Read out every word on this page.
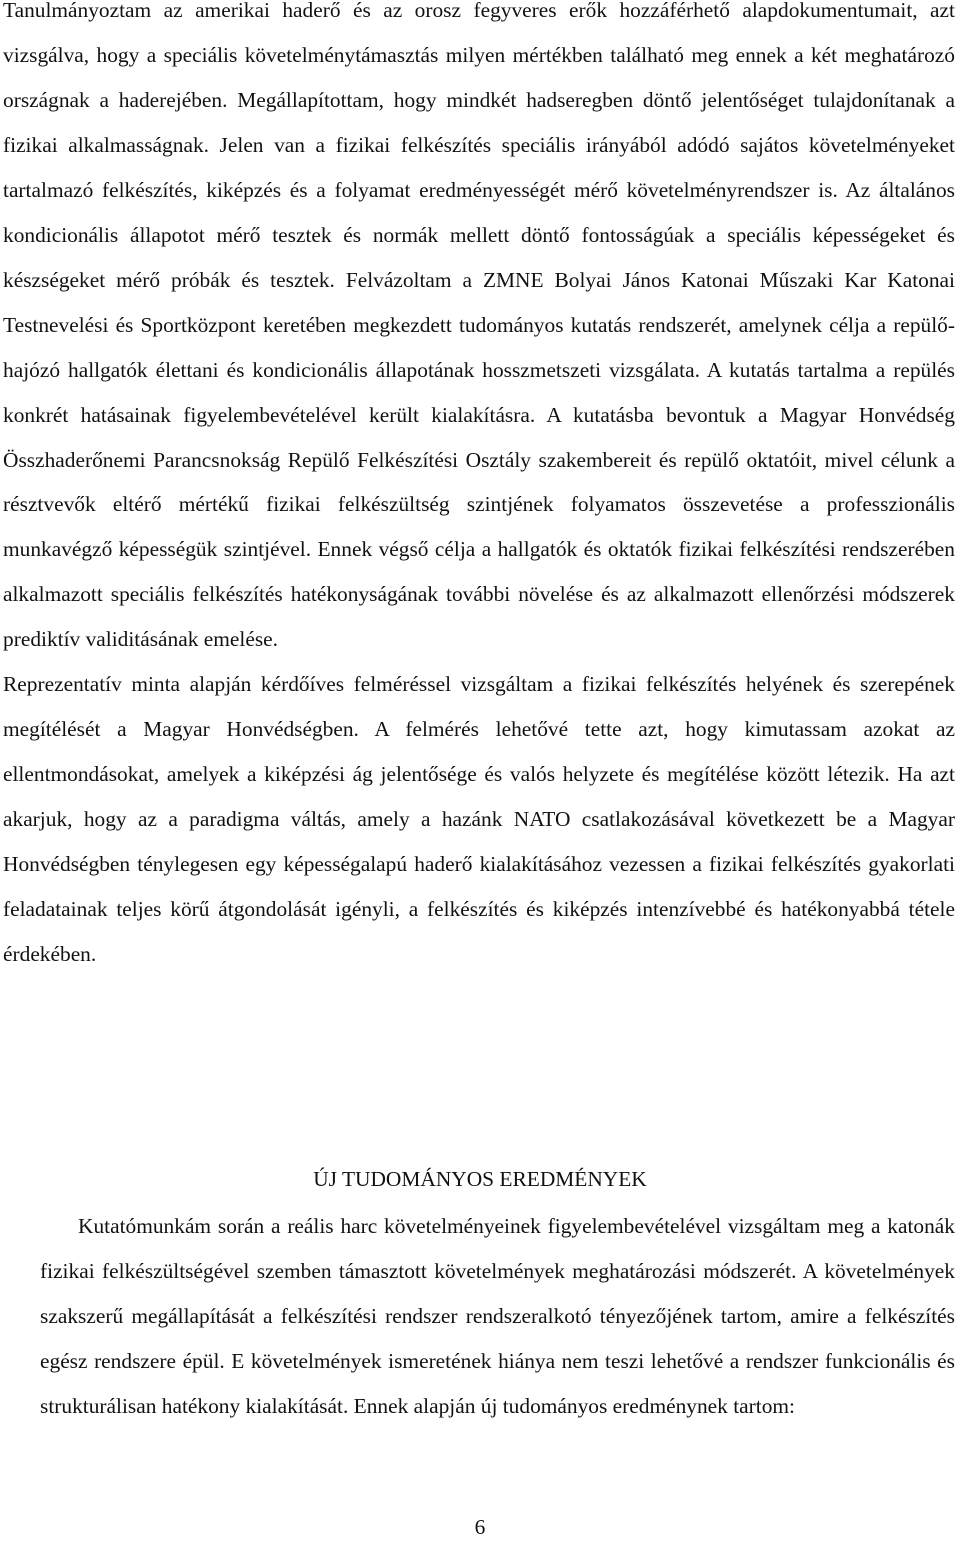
Tanulmányoztam az amerikai haderő és az orosz fegyveres erők hozzáférhető alapdokumentumait, azt vizsgálva, hogy a speciális követelménytámasztás milyen mértékben található meg ennek a két meghatározó országnak a haderejében. Megállapítottam, hogy mindkét hadseregben döntő jelentőséget tulajdonítanak a fizikai alkalmasságnak. Jelen van a fizikai felkészítés speciális irányából adódó sajátos követelményeket tartalmazó felkészítés, kiképzés és a folyamat eredményességét mérő követelményrendszer is. Az általános kondicionális állapotot mérő tesztek és normák mellett döntő fontosságúak a speciális képességeket és készségeket mérő próbák és tesztek. Felvázoltam a ZMNE Bolyai János Katonai Műszaki Kar Katonai Testnevelési és Sportközpont keretében megkezdett tudományos kutatás rendszerét, amelynek célja a repülő-hajózó hallgatók élettani és kondicionális állapotának hosszmetszeti vizsgálata. A kutatás tartalma a repülés konkrét hatásainak figyelembevételével került kialakításra. A kutatásba bevontuk a Magyar Honvédség Összhaderőnemi Parancsnokság Repülő Felkészítési Osztály szakembereit és repülő oktatóit, mivel célunk a résztvevők eltérő mértékű fizikai felkészültség szintjének folyamatos összevetése a professzionális munkavégző képességük szintjével. Ennek végső célja a hallgatók és oktatók fizikai felkészítési rendszerében alkalmazott speciális felkészítés hatékonyságának további növelése és az alkalmazott ellenőrzési módszerek prediktív validitásának emelése.

Reprezentatív minta alapján kérdőíves felméréssel vizsgáltam a fizikai felkészítés helyének és szerepének megítélését a Magyar Honvédségben. A felmérés lehetővé tette azt, hogy kimutassam azokat az ellentmondásokat, amelyek a kiképzési ág jelentősége és valós helyzete és megítélése között létezik. Ha azt akarjuk, hogy az a paradigma váltás, amely a hazánk NATO csatlakozásával következett be a Magyar Honvédségben ténylegesen egy képességalapú haderő kialakításához vezessen a fizikai felkészítés gyakorlati feladatainak teljes körű átgondolását igényli, a felkészítés és kiképzés intenzívebbé és hatékonyabbá tétele érdekében.

ÚJ TUDOMÁNYOS EREDMÉNYEK

Kutatómunkám során a reális harc követelményeinek figyelembevételével vizsgáltam meg a katonák fizikai felkészültségével szemben támasztott követelmények meghatározási módszerét. A követelmények szakszerű megállapítását a felkészítési rendszer rendszeralkotó tényezőjének tartom, amire a felkészítés egész rendszere épül. E követelmények ismeretének hiánya nem teszi lehetővé a rendszer funkcionális és strukturálisan hatékony kialakítását. Ennek alapján új tudományos eredménynek tartom:

6
